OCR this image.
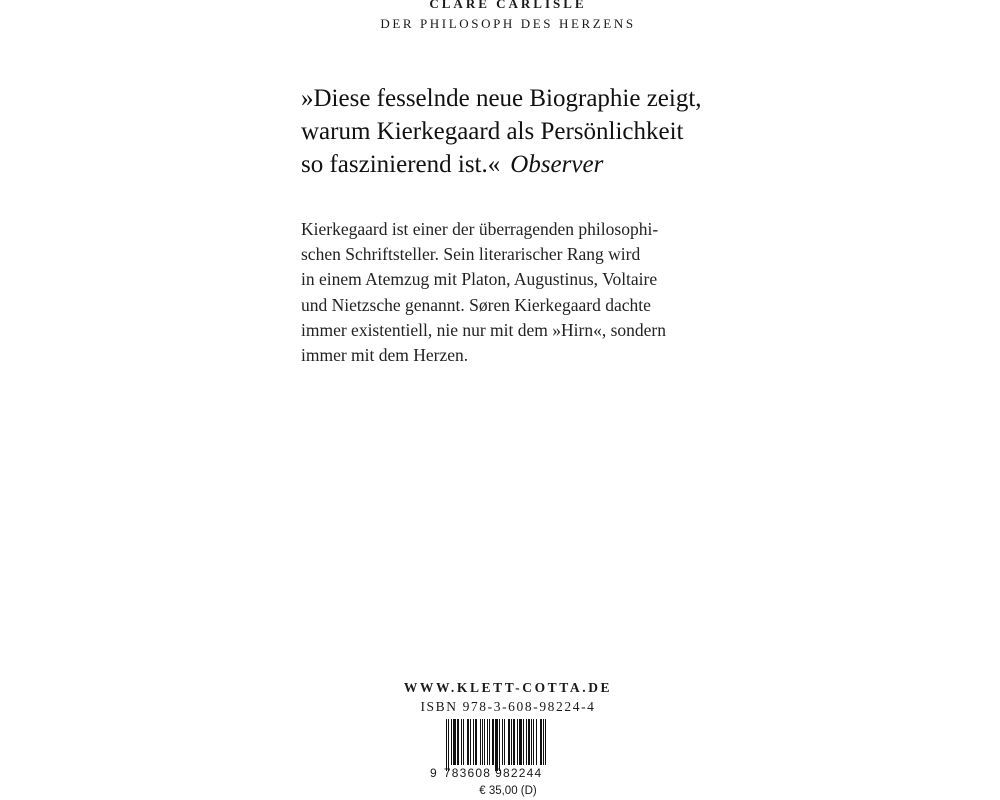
CLARE CARLISLE
DER PHILOSOPH DES HERZENS
»Diese fesselnde neue Biographie zeigt,
warum Kierkegaard als Persönlichkeit
so faszinierend ist.« Observer
Kierkegaard ist einer der überragenden philosophi-
schen Schriftsteller. Sein literarischer Rang wird
in einem Atemzug mit Platon, Augustinus, Voltaire
und Nietzsche genannt. Søren Kierkegaard dachte
immer existentiell, nie nur mit dem »Hirn«, sondern
immer mit dem Herzen.
WWW.KLETT-COTTA.DE
ISBN 978-3-608-98224-4
9 783608 982244
€ 35,00 (D)
